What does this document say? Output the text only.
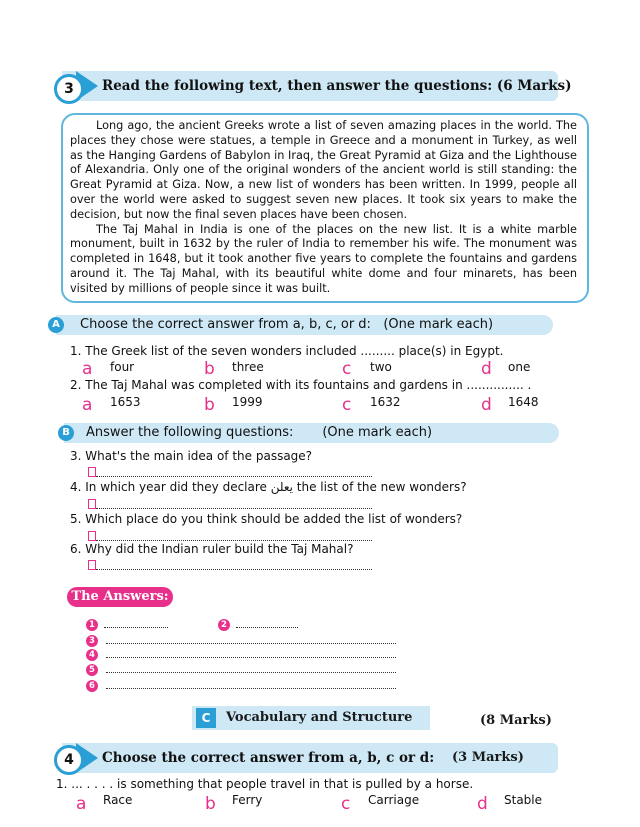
3	Read the following text, then answer the questions: (6 Marks)

Long ago, the ancient Greeks wrote a list of seven amazing places in the world. The places they chose were statues, a temple in Greece and a monument in Turkey, as well as the Hanging Gardens of Babylon in Iraq, the Great Pyramid at Giza and the Lighthouse of Alexandria. Only one of the original wonders of the ancient world is still standing: the Great Pyramid at Giza. Now, a new list of wonders has been written. In 1999, people all over the world were asked to suggest seven new places. It took six years to make the decision, but now the final seven places have been chosen.

The Taj Mahal in India is one of the places on the new list. It is a white marble monument, built in 1632 by the ruler of India to remember his wife. The monument was completed in 1648, but it took another five years to complete the fountains and gardens around it. The Taj Mahal, with its beautiful white dome and four minarets, has been visited by millions of people since it was built.

A	Choose the correct answer from a, b, c, or d: (One mark each)
1. The Greek list of the seven wonders included ......... place(s) in Egypt.
a four	b three	c two	d one
2. The Taj Mahal was completed with its fountains and gardens in ............... .
a 1653	b 1999	c 1632	d 1648
B	Answer the following questions: (One mark each)
3. What's the main idea of the passage?
4. In which year did they declare يعلن the list of the new wonders?
5. Which place do you think should be added the list of wonders?
6. Why did the Indian ruler build the Taj Mahal?
The Answers:
1	2
3
4
5
6
C	Vocabulary and Structure	(8 Marks)
4	Choose the correct answer from a, b, c or d: (3 Marks)
1. ... . . . . is something that people travel in that is pulled by a horse.
a Race	b Ferry	c Carriage	d Stable
